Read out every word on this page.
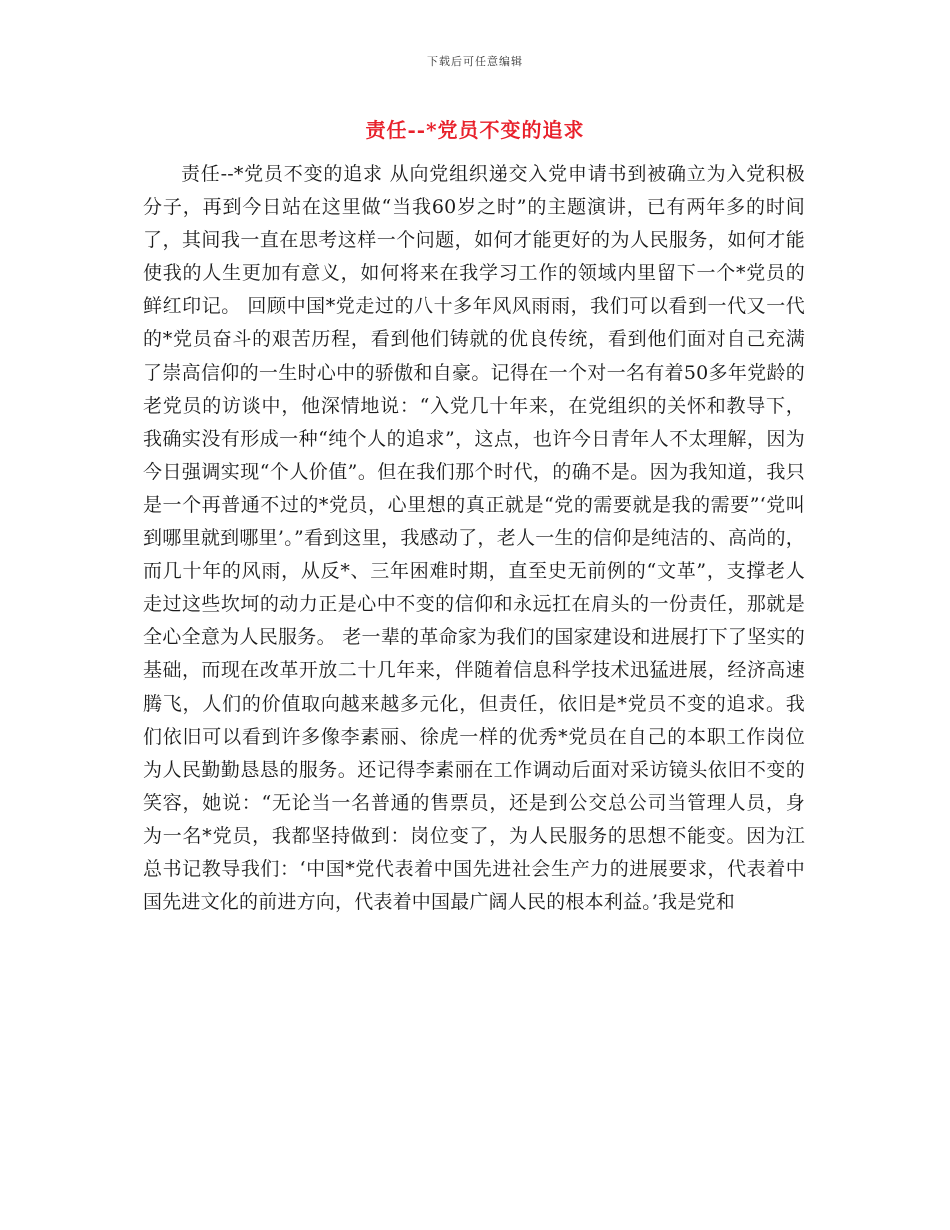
下载后可任意编辑
责任--*党员不变的追求

责任--*党员不变的追求 从向党组织递交入党申请书到被确立为入党积极分子，再到今日站在这里做“当我60岁之时”的主题演讲，已有两年多的时间了，其间我一直在思考这样一个问题，如何才能更好的为人民服务，如何才能使我的人生更加有意义，如何将来在我学习工作的领域内里留下一个*党员的鲜红印记。 回顾中国*党走过的八十多年风风雨雨，我们可以看到一代又一代的*党员奋斗的艰苦历程，看到他们铸就的优良传统，看到他们面对自己充满了崇高信仰的一生时心中的骄傲和自豪。记得在一个对一名有着50多年党龄的老党员的访谈中，他深情地说：“入党几十年来，在党组织的关怀和教导下，我确实没有形成一种“纯个人的追求”，这点，也许今日青年人不太理解，因为今日强调实现“个人价值”。但在我们那个时代，的确不是。因为我知道，我只是一个再普通不过的*党员，心里想的真正就是“党的需要就是我的需要”‘党叫到哪里就到哪里’。”看到这里，我感动了，老人一生的信仰是纯洁的、高尚的，而几十年的风雨，从反*、三年困难时期，直至史无前例的“文革”，支撑老人走过这些坎坷的动力正是心中不变的信仰和永远扛在肩头的一份责任，那就是全心全意为人民服务。 老一辈的革命家为我们的国家建设和进展打下了坚实的基础，而现在改革开放二十几年来，伴随着信息科学技术迅猛进展，经济高速腾飞，人们的价值取向越来越多元化，但责任，依旧是*党员不变的追求。我们依旧可以看到许多像李素丽、徐虎一样的优秀*党员在自己的本职工作岗位为人民勤勤恳恳的服务。还记得李素丽在工作调动后面对采访镜头依旧不变的笑容，她说：“无论当一名普通的售票员，还是到公交总公司当管理人员，身为一名*党员，我都坚持做到：岗位变了，为人民服务的思想不能变。因为江总书记教导我们：‘中国*党代表着中国先进社会生产力的进展要求，代表着中国先进文化的前进方向，代表着中国最广阔人民的根本利益。’我是党和
